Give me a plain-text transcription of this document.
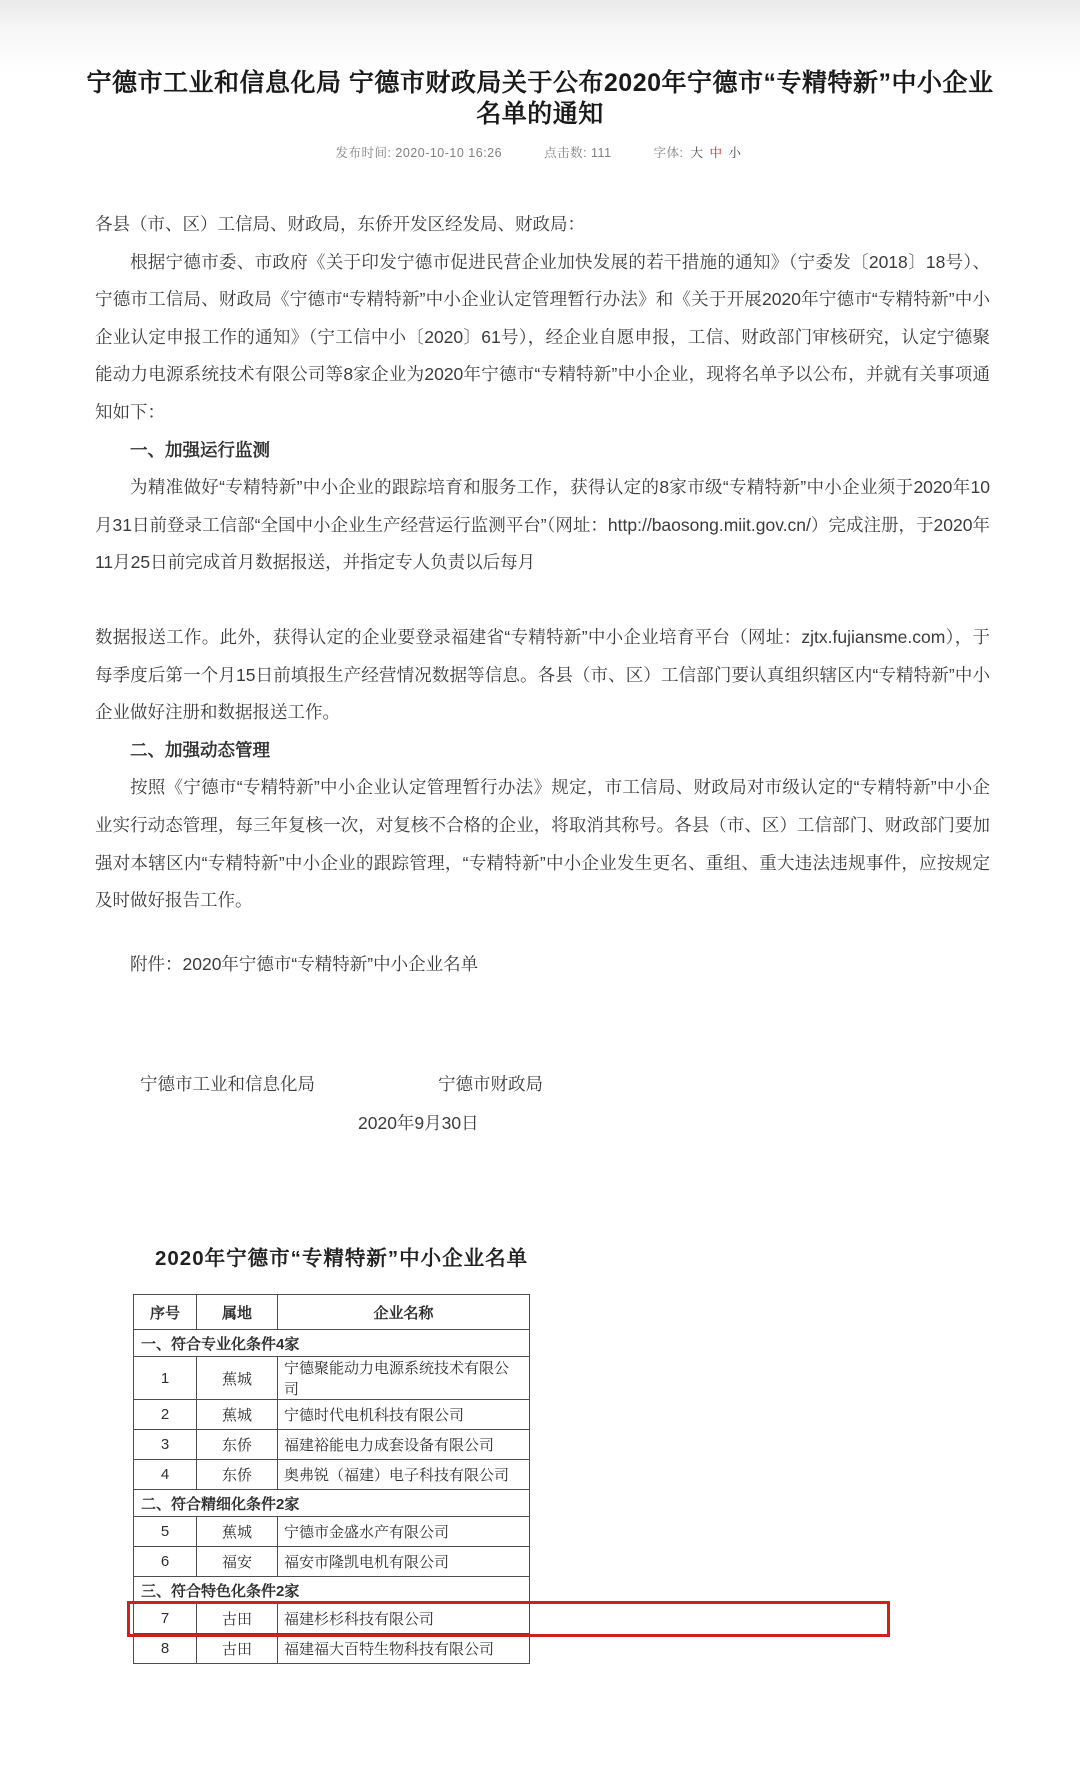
宁德市工业和信息化局 宁德市财政局关于公布2020年宁德市“专精特新”中小企业名单的通知
发布时间: 2020-10-10 16:26	点击数: 111	字体: 大 中 小

各县（市、区）工信局、财政局，东侨开发区经发局、财政局：

根据宁德市委、市政府《关于印发宁德市促进民营企业加快发展的若干措施的通知》（宁委发〔2018〕18号）、宁德市工信局、财政局《宁德市“专精特新”中小企业认定管理暂行办法》和《关于开展2020年宁德市“专精特新”中小企业认定申报工作的通知》（宁工信中小〔2020〕61号），经企业自愿申报，工信、财政部门审核研究，认定宁德聚能动力电源系统技术有限公司等8家企业为2020年宁德市“专精特新”中小企业，现将名单予以公布，并就有关事项通知如下：

一、加强运行监测

为精准做好“专精特新”中小企业的跟踪培育和服务工作，获得认定的8家市级“专精特新”中小企业须于2020年10月31日前登录工信部“全国中小企业生产经营运行监测平台”（网址：http://baosong.miit.gov.cn/）完成注册，于2020年11月25日前完成首月数据报送，并指定专人负责以后每月

数据报送工作。此外，获得认定的企业要登录福建省“专精特新”中小企业培育平台（网址：zjtx.fujiansme.com），于每季度后第一个月15日前填报生产经营情况数据等信息。各县（市、区）工信部门要认真组织辖区内“专精特新”中小企业做好注册和数据报送工作。

二、加强动态管理

按照《宁德市“专精特新”中小企业认定管理暂行办法》规定，市工信局、财政局对市级认定的“专精特新”中小企业实行动态管理，每三年复核一次，对复核不合格的企业，将取消其称号。各县（市、区）工信部门、财政部门要加强对本辖区内“专精特新”中小企业的跟踪管理，“专精特新”中小企业发生更名、重组、重大违法违规事件，应按规定及时做好报告工作。

附件：2020年宁德市“专精特新”中小企业名单

宁德市工业和信息化局	宁德市财政局
2020年9月30日
2020年宁德市“专精特新”中小企业名单
序号	属地	企业名称
一、符合专业化条件4家		
1	蕉城	宁德聚能动力电源系统技术有限公司
2	蕉城	宁德时代电机科技有限公司
3	东侨	福建裕能电力成套设备有限公司
4	东侨	奥弗锐（福建）电子科技有限公司
二、符合精细化条件2家		
5	蕉城	宁德市金盛水产有限公司
6	福安	福安市隆凯电机有限公司
三、符合特色化条件2家		
7	古田	福建杉杉科技有限公司
8	古田	福建福大百特生物科技有限公司
